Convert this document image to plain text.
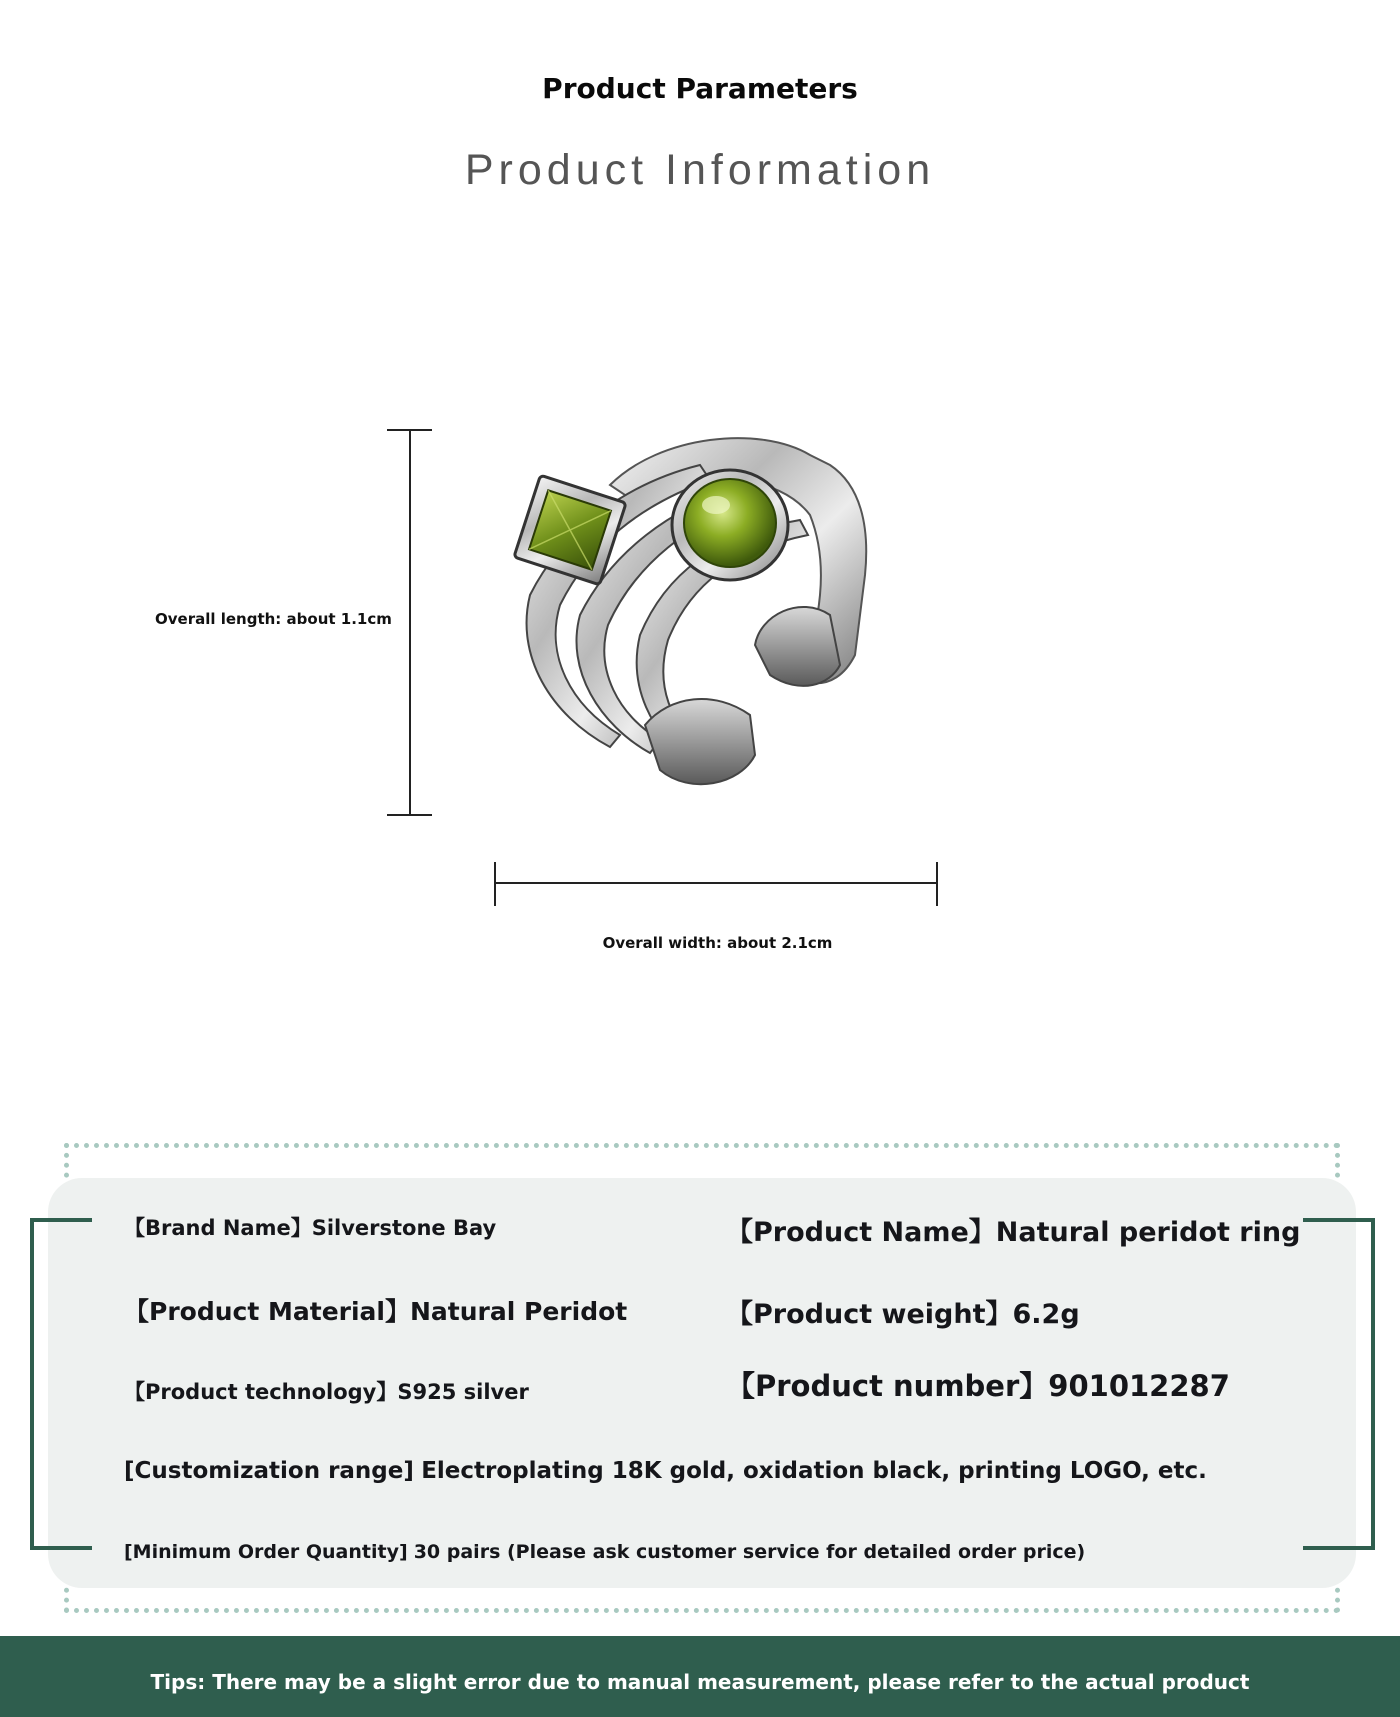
Product Parameters
Product Information
Overall length: about 1.1cm
Overall width: about 2.1cm
【Brand Name】Silverstone Bay	【Product Name】Natural peridot ring
【Product Material】Natural Peridot	【Product weight】6.2g
【Product technology】S925 silver	【Product number】901012287
[Customization range] Electroplating 18K gold, oxidation black, printing LOGO, etc.
[Minimum Order Quantity] 30 pairs (Please ask customer service for detailed order price)
Tips: There may be a slight error due to manual measurement, please refer to the actual product
